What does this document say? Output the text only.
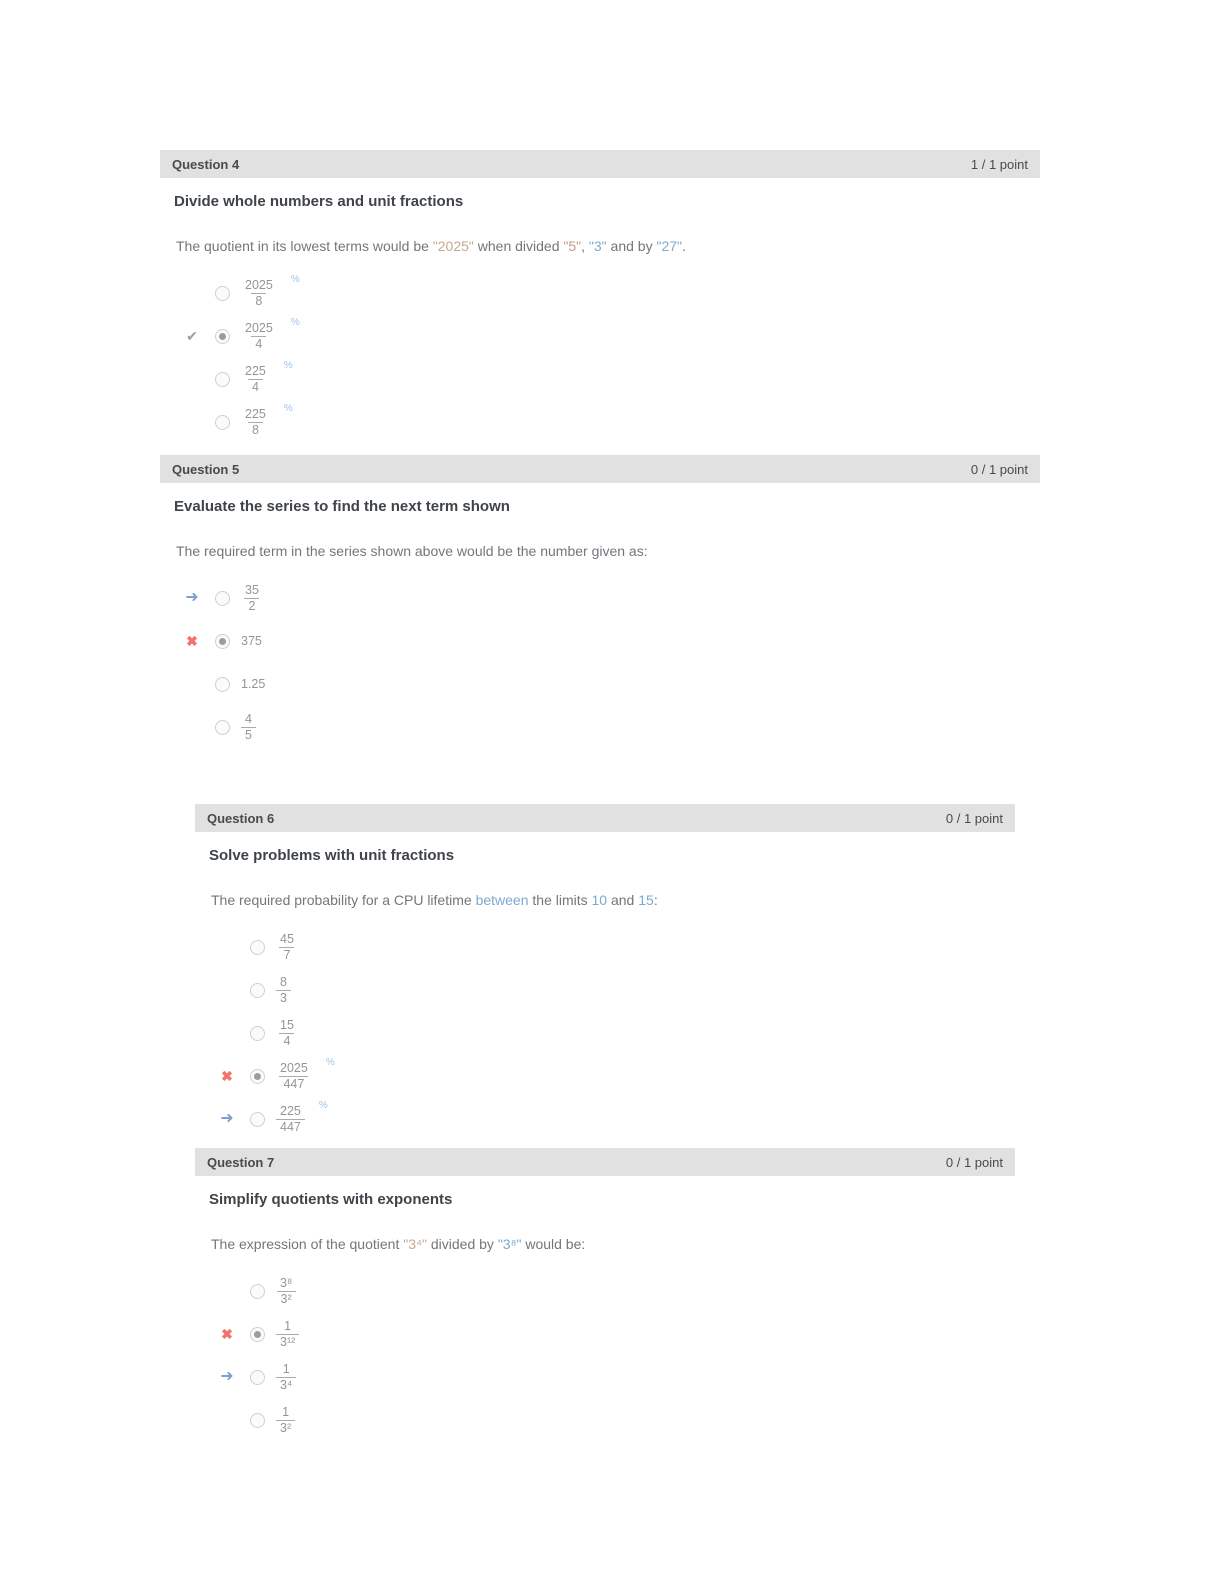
Question 4	1 / 1 point
Divide whole numbers and unit fractions

The quotient in its lowest terms would be "2025" when divided "5", "3" and by "27".

$\frac{2025}{8}$ %
✔	$\frac{2025}{4}$ %
$\frac{225}{4}$ %
$\frac{225}{8}$ %
Question 5	0 / 1 point
Evaluate the series to find the next term shown

The required term in the series shown above would be the number given as:

➜	$\frac{35}{2}$
✖	375
1.25
$\frac{4}{5}$
Question 6	0 / 1 point
Solve problems with unit fractions

The required probability for a CPU lifetime between the limits 10 and 15:

$\frac{45}{7}$
$\frac{8}{3}$
$\frac{15}{4}$
✖	$\frac{2025}{447}$ %
➜	$\frac{225}{447}$ %
Question 7	0 / 1 point
Simplify quotients with exponents

The expression of the quotient "3⁴" divided by "3⁸" would be:

$\frac{\text{3⁸}}{\text{3²}}$
✖	$\frac{1}{\text{3¹²}}$
➜	$\frac{1}{\text{3⁴}}$
$\frac{1}{\text{3²}}$
